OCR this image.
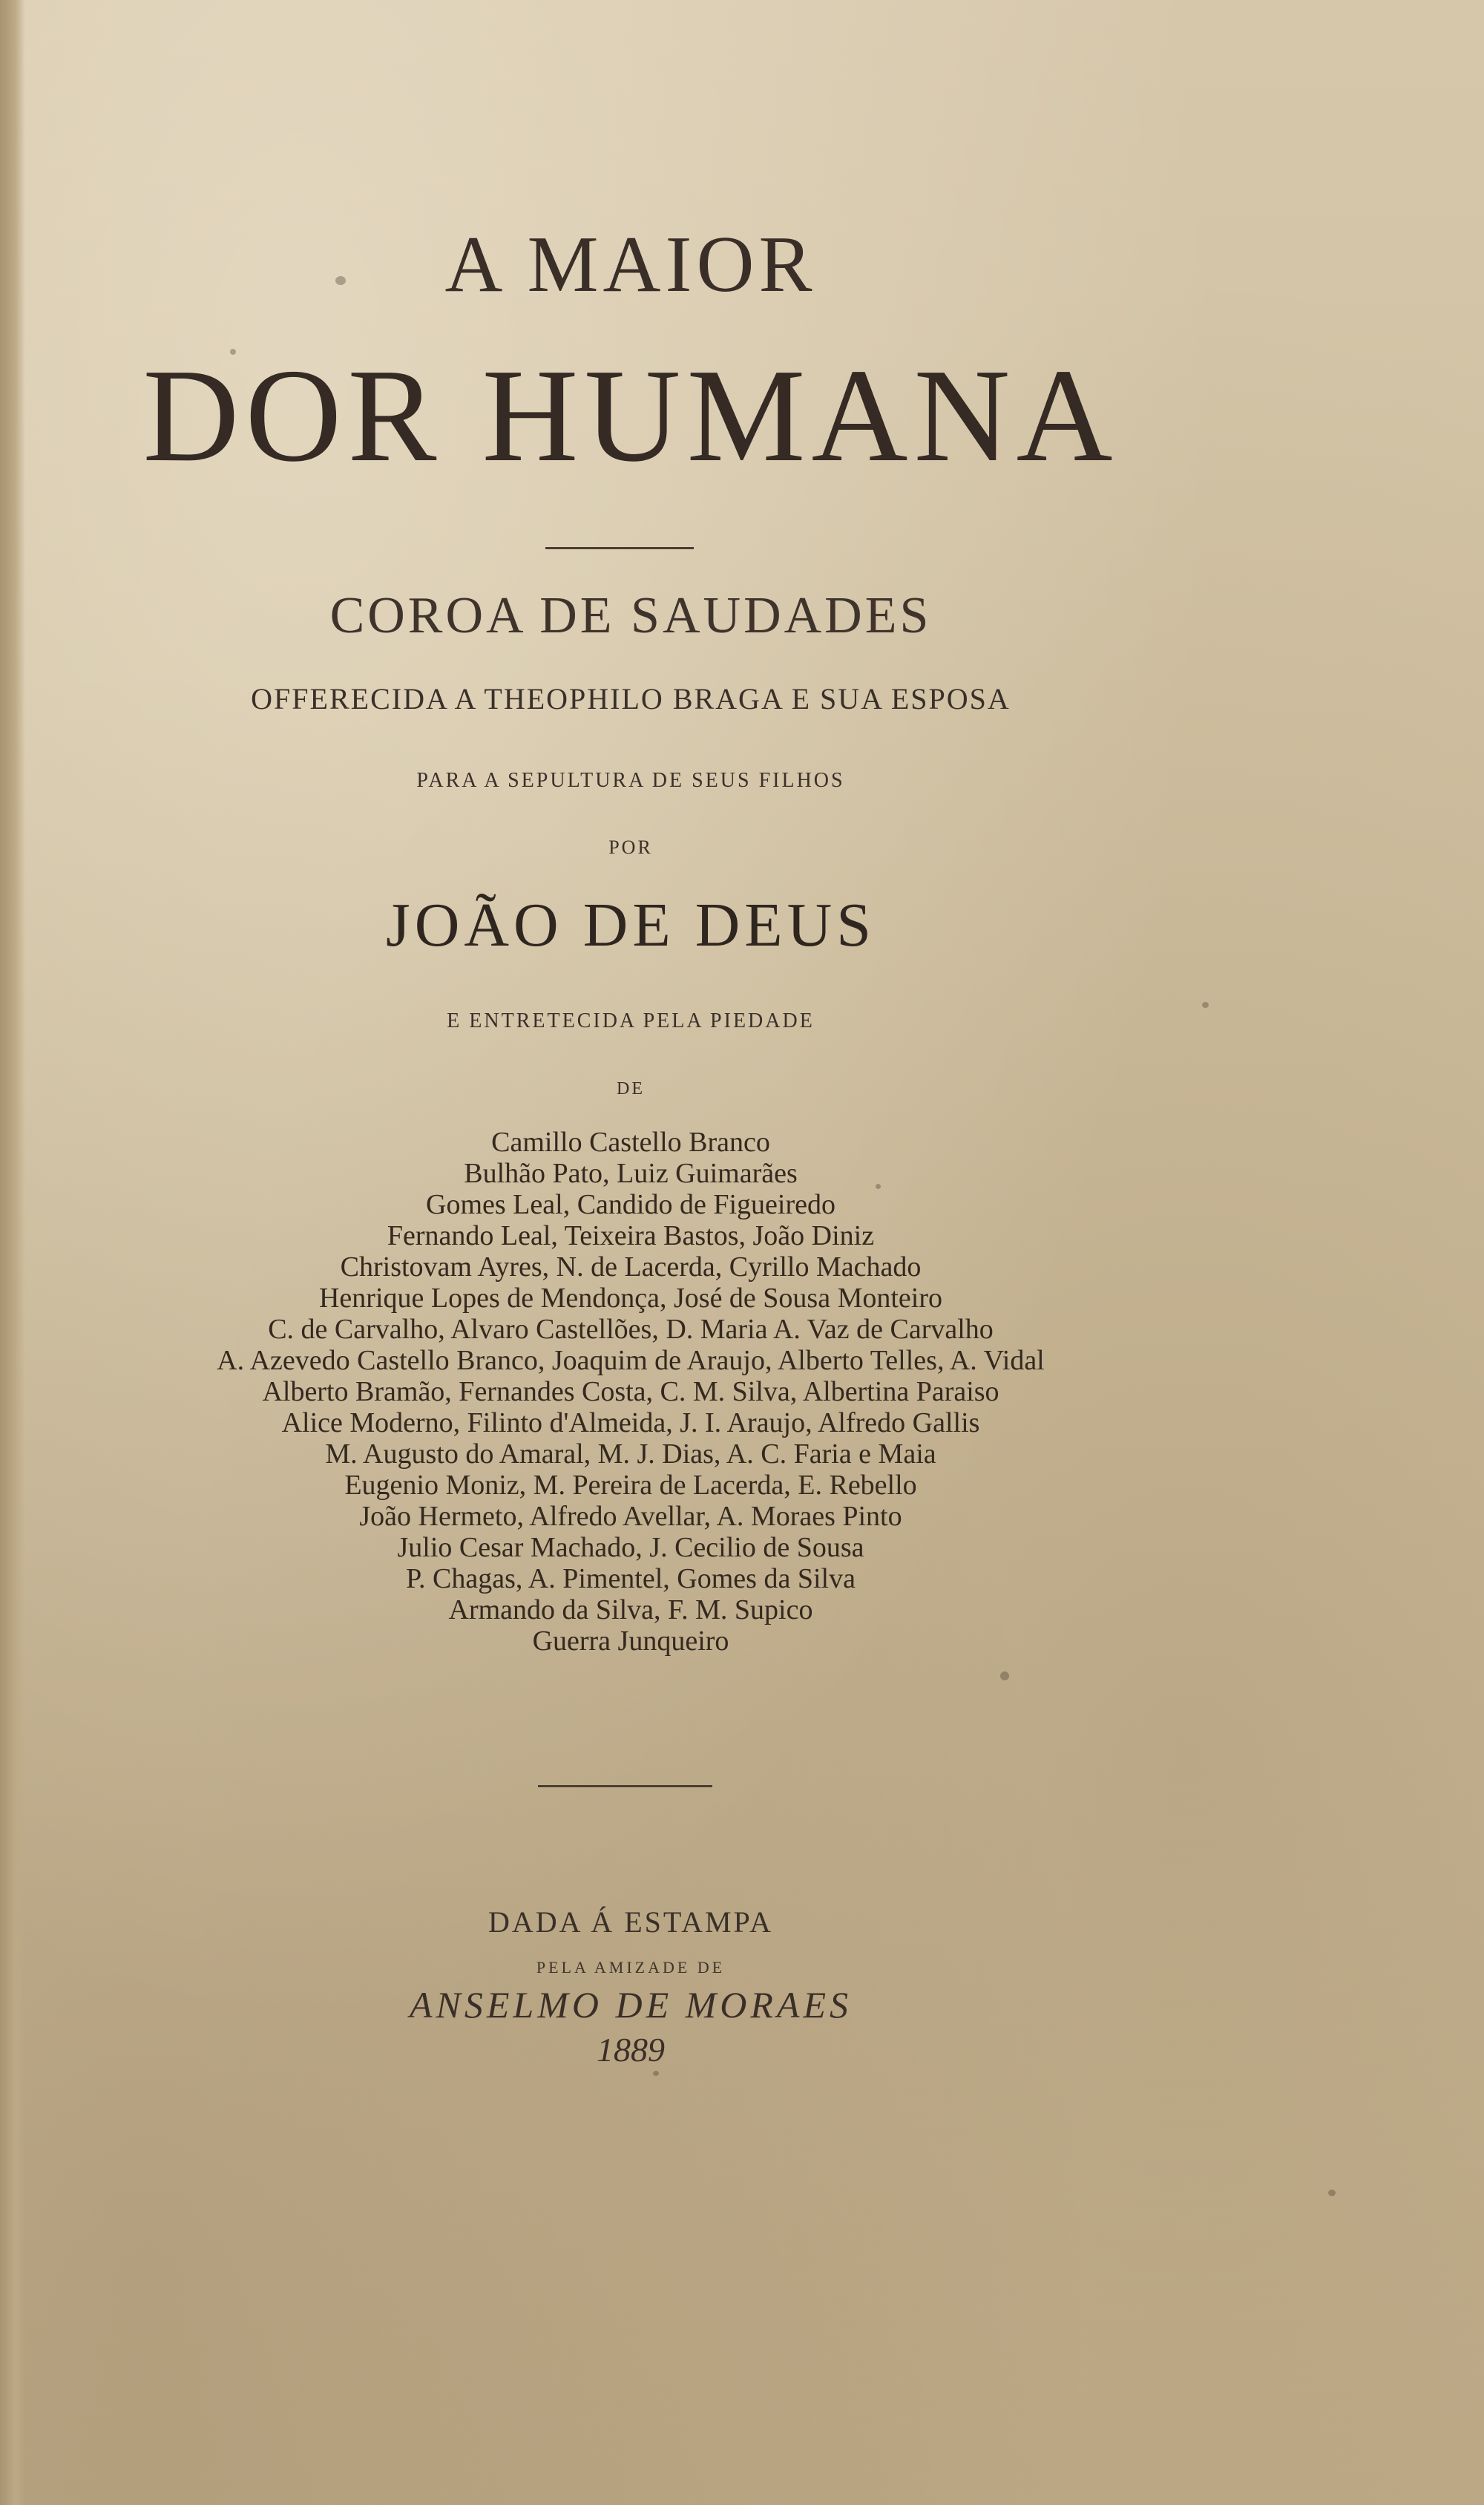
A MAIOR
DOR HUMANA
COROA DE SAUDADES
OFFERECIDA A THEOPHILO BRAGA E SUA ESPOSA
PARA A SEPULTURA DE SEUS FILHOS
POR
JOÃO DE DEUS
E ENTRETECIDA PELA PIEDADE
DE
Camillo Castello Branco
Bulhão Pato, Luiz Guimarães
Gomes Leal, Candido de Figueiredo
Fernando Leal, Teixeira Bastos, João Diniz
Christovam Ayres, N. de Lacerda, Cyrillo Machado
Henrique Lopes de Mendonça, José de Sousa Monteiro
C. de Carvalho, Alvaro Castellões, D. Maria A. Vaz de Carvalho
A. Azevedo Castello Branco, Joaquim de Araujo, Alberto Telles, A. Vidal
Alberto Bramão, Fernandes Costa, C. M. Silva, Albertina Paraiso
Alice Moderno, Filinto d'Almeida, J. I. Araujo, Alfredo Gallis
M. Augusto do Amaral, M. J. Dias, A. C. Faria e Maia
Eugenio Moniz, M. Pereira de Lacerda, E. Rebello
João Hermeto, Alfredo Avellar, A. Moraes Pinto
Julio Cesar Machado, J. Cecilio de Sousa
P. Chagas, A. Pimentel, Gomes da Silva
Armando da Silva, F. M. Supico
Guerra Junqueiro
DADA Á ESTAMPA
PELA AMIZADE DE
ANSELMO DE MORAES
1889
